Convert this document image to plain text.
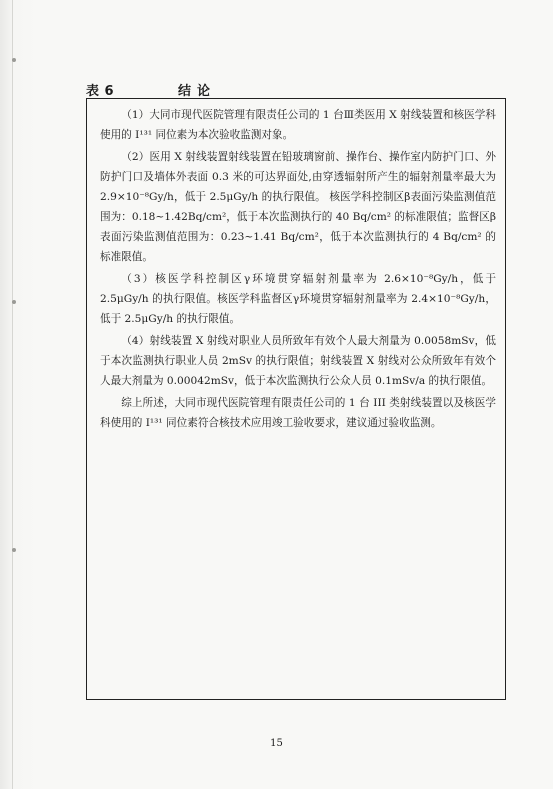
表 6	结论

（1）大同市现代医院管理有限责任公司的 1 台Ⅲ类医用 X 射线装置和核医学科使用的 I¹³¹ 同位素为本次验收监测对象。

（2）医用 X 射线装置射线装置在铅玻璃窗前、操作台、操作室内防护门口、外防护门口及墙体外表面 0.3 米的可达界面处,由穿透辐射所产生的辐射剂量率最大为 2.9×10⁻⁸Gy/h，低于 2.5μGy/h 的执行限值。 核医学科控制区β表面污染监测值范围为：0.18~1.42Bq/cm²，低于本次监测执行的 40 Bq/cm² 的标准限值；监督区β表面污染监测值范围为：0.23~1.41 Bq/cm²，低于本次监测执行的 4 Bq/cm² 的标准限值。

（3）核医学科控制区γ环境贯穿辐射剂量率为 2.6×10⁻⁸Gy/h，低于 2.5μGy/h 的执行限值。核医学科监督区γ环境贯穿辐射剂量率为 2.4×10⁻⁸Gy/h，低于 2.5μGy/h 的执行限值。

（4）射线装置 X 射线对职业人员所致年有效个人最大剂量为 0.0058mSv，低于本次监测执行职业人员 2mSv 的执行限值；射线装置 X 射线对公众所致年有效个人最大剂量为 0.00042mSv，低于本次监测执行公众人员 0.1mSv/a 的执行限值。

综上所述，大同市现代医院管理有限责任公司的 1 台 III 类射线装置以及核医学科使用的 I¹³¹ 同位素符合核技术应用竣工验收要求，建议通过验收监测。

15
